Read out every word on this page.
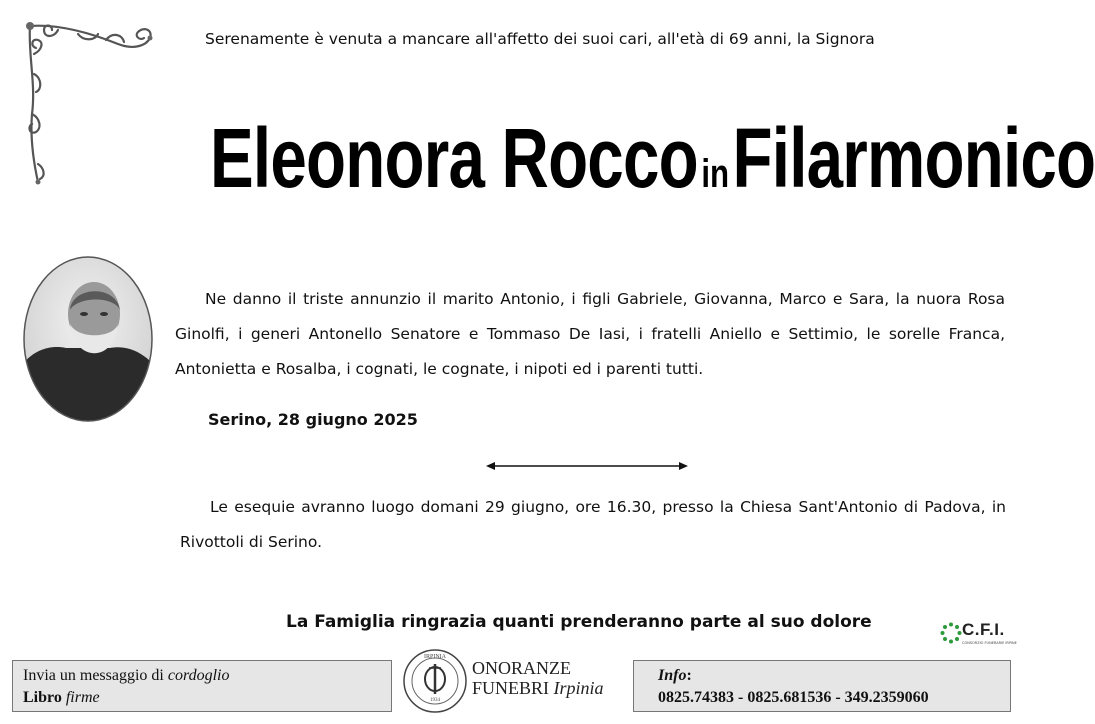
Serenamente è venuta a mancare all'affetto dei suoi cari, all'età di 69 anni, la Signora
Eleonora Rocco in Filarmonico
Ne danno il triste annunzio il marito Antonio, i figli Gabriele, Giovanna, Marco e Sara, la nuora Rosa Ginolfi, i generi Antonello Senatore e Tommaso De Iasi, i fratelli Aniello e Settimio, le sorelle Franca, Antonietta e Rosalba, i cognati, le cognate, i nipoti ed i parenti tutti.
Serino, 28 giugno 2025
Le esequie avranno luogo domani 29 giugno, ore 16.30, presso la Chiesa Sant'Antonio di Padova, in Rivottoli di Serino.
La Famiglia ringrazia quanti prenderanno parte al suo dolore	C.F.I.
CONSORZIO FUNERARIE IRPINE
Invia un messaggio di cordoglio
Libro firme
IRPINIA
1934
ONORANZE
FUNEBRI Irpinia
Info:
0825.74383 - 0825.681536 - 349.2359060
